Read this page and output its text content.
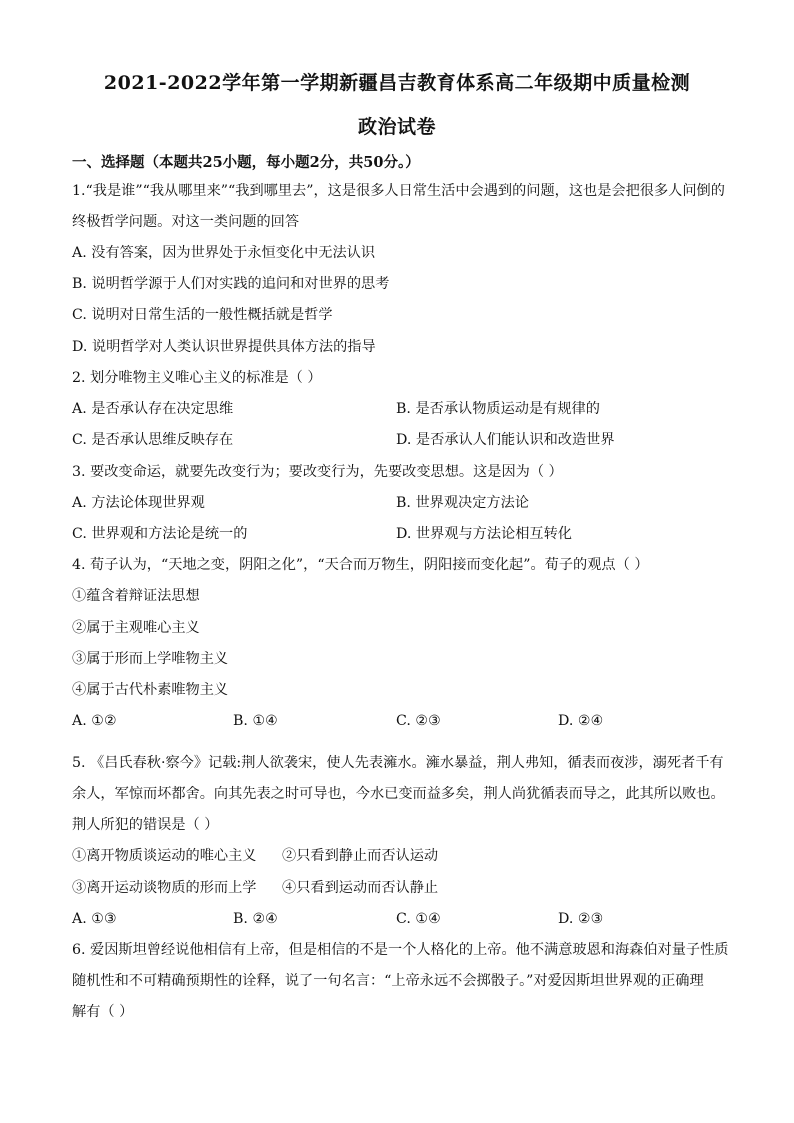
2021-2022学年第一学期新疆昌吉教育体系高二年级期中质量检测
政治试卷
一、选择题（本题共25小题，每小题2分，共50分。）
1.“我是谁”“我从哪里来”“我到哪里去”，这是很多人日常生活中会遇到的问题，这也是会把很多人问倒的
终极哲学问题。对这一类问题的回答
A. 没有答案，因为世界处于永恒变化中无法认识
B. 说明哲学源于人们对实践的追问和对世界的思考
C. 说明对日常生活的一般性概括就是哲学
D. 说明哲学对人类认识世界提供具体方法的指导
2. 划分唯物主义唯心主义的标准是（ ）
A. 是否承认存在决定思维	B. 是否承认物质运动是有规律的
C. 是否承认思维反映存在	D. 是否承认人们能认识和改造世界
3. 要改变命运，就要先改变行为；要改变行为，先要改变思想。这是因为（ ）
A. 方法论体现世界观	B. 世界观决定方法论
C. 世界观和方法论是统一的	D. 世界观与方法论相互转化
4. 荀子认为，“天地之变，阴阳之化”，“天合而万物生，阴阳接而变化起”。荀子的观点（ ）
①蕴含着辩证法思想
②属于主观唯心主义
③属于形而上学唯物主义
④属于古代朴素唯物主义
A. ①②	B. ①④	C. ②③	D. ②④
5. 《吕氏春秋·察今》记载:荆人欲袭宋，使人先表澭水。澭水暴益，荆人弗知，循表而夜涉，溺死者千有
余人，军惊而坏都舍。向其先表之时可导也，今水已变而益多矣，荆人尚犹循表而导之，此其所以败也。
荆人所犯的错误是（ ）
①离开物质谈运动的唯心主义 ②只看到静止而否认运动
③离开运动谈物质的形而上学 ④只看到运动而否认静止
A. ①③	B. ②④	C. ①④	D. ②③
6. 爱因斯坦曾经说他相信有上帝，但是相信的不是一个人格化的上帝。他不满意玻恩和海森伯对量子性质
随机性和不可精确预期性的诠释，说了一句名言：“上帝永远不会掷骰子。”对爱因斯坦世界观的正确理
解有（ ）
